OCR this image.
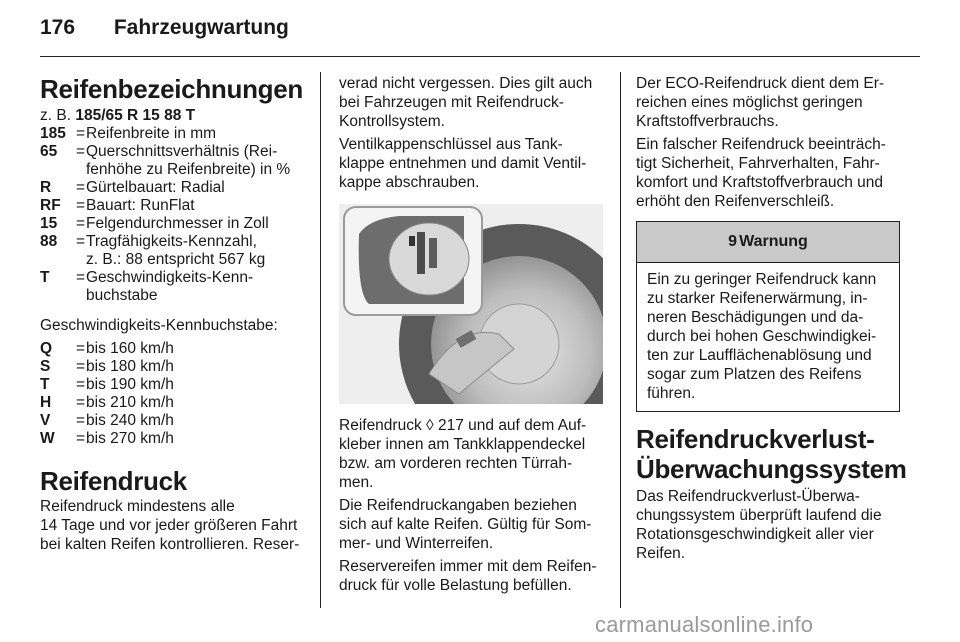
176 Fahrzeugwartung
Reifenbezeichnungen

z. B. 185/65 R 15 88 T

185 = Reifenbreite in mm
65	= Querschnittsverhältnis (Rei-
fenhöhe zu Reifenbreite) in %
R	= Gürtelbauart: Radial
RF = Bauart: RunFlat
15	= Felgendurchmesser in Zoll
88	= Tragfähigkeits-Kennzahl,
z. B.: 88 entspricht 567 kg
T	= Geschwindigkeits-Kenn-
buchstabe

Geschwindigkeits-Kennbuchstabe:

Q	= bis 160 km/h
S	= bis 180 km/h
T	= bis 190 km/h
H	= bis 210 km/h
V	= bis 240 km/h
W	= bis 270 km/h
Reifendruck
Reifendruck mindestens alle
14 Tage und vor jeder größeren Fahrt
bei kalten Reifen kontrollieren. Reser-
verad nicht vergessen. Dies gilt auch
bei Fahrzeugen mit Reifendruck-
Kontrollsystem.
Ventilkappenschlüssel aus Tank-
klappe entnehmen und damit Ventil-
kappe abschrauben.
Reifendruck ◊ 217 und auf dem Auf-
kleber innen am Tankklappendeckel
bzw. am vorderen rechten Türrah-
men.
Die Reifendruckangaben beziehen
sich auf kalte Reifen. Gültig für Som-
mer- und Winterreifen.
Reservereifen immer mit dem Reifen-
druck für volle Belastung befüllen.
Der ECO-Reifendruck dient dem Er-
reichen eines möglichst geringen
Kraftstoffverbrauchs.
Ein falscher Reifendruck beeinträch-
tigt Sicherheit, Fahrverhalten, Fahr-
komfort und Kraftstoffverbrauch und
erhöht den Reifenverschleiß.
9 Warnung
Ein zu geringer Reifendruck kann
zu starker Reifenerwärmung, in-
neren Beschädigungen und da-
durch bei hohen Geschwindigkei-
ten zur Laufflächenablösung und
sogar zum Platzen des Reifens
führen.
Reifendruckverlust-
Überwachungssystem
Das Reifendruckverlust-Überwa-
chungssystem überprüft laufend die
Rotationsgeschwindigkeit aller vier
Reifen.
carmanualsonline.info
